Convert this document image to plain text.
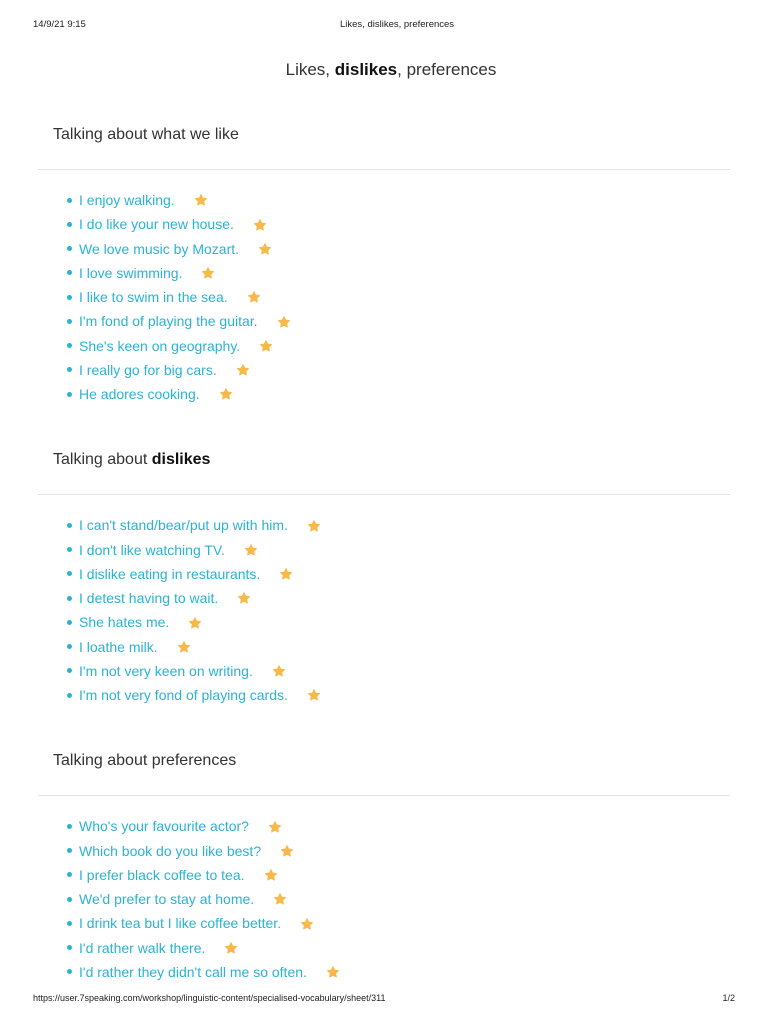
14/9/21 9:15	Likes, dislikes, preferences
Likes, dislikes, preferences
Talking about what we like
I enjoy walking.
I do like your new house.
We love music by Mozart.
I love swimming.
I like to swim in the sea.
I'm fond of playing the guitar.
She's keen on geography.
I really go for big cars.
He adores cooking.
Talking about dislikes
I can't stand/bear/put up with him.
I don't like watching TV.
I dislike eating in restaurants.
I detest having to wait.
She hates me.
I loathe milk.
I'm not very keen on writing.
I'm not very fond of playing cards.
Talking about preferences
Who's your favourite actor?
Which book do you like best?
I prefer black coffee to tea.
We'd prefer to stay at home.
I drink tea but I like coffee better.
I'd rather walk there.
I'd rather they didn't call me so often.
https://user.7speaking.com/workshop/linguistic-content/specialised-vocabulary/sheet/311	1/2
